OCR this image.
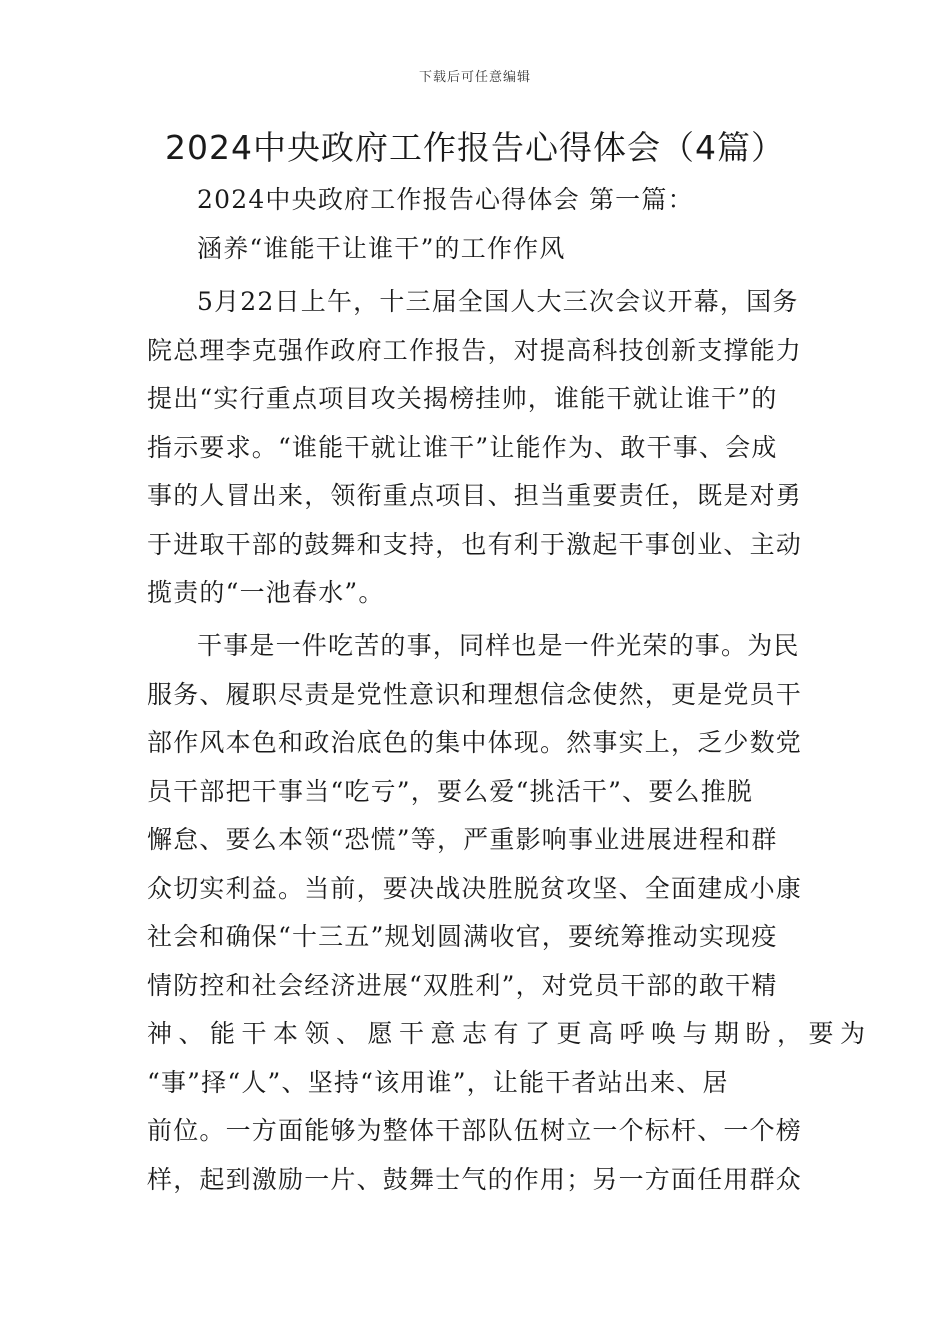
下载后可任意编辑
2024中央政府工作报告心得体会（4篇）
2024中央政府工作报告心得体会 第一篇：
涵养“谁能干让谁干”的工作作风
5月22日上午，十三届全国人大三次会议开幕，国务
院总理李克强作政府工作报告，对提高科技创新支撑能力
提出“实行重点项目攻关揭榜挂帅，谁能干就让谁干”的
指示要求。“谁能干就让谁干”让能作为、敢干事、会成
事的人冒出来，领衔重点项目、担当重要责任，既是对勇
于进取干部的鼓舞和支持，也有利于激起干事创业、主动
揽责的“一池春水”。
干事是一件吃苦的事，同样也是一件光荣的事。为民
服务、履职尽责是党性意识和理想信念使然，更是党员干
部作风本色和政治底色的集中体现。然事实上，乏少数党
员干部把干事当“吃亏”，要么爱“挑活干”、要么推脱
懈怠、要么本领“恐慌”等，严重影响事业进展进程和群
众切实利益。当前，要决战决胜脱贫攻坚、全面建成小康
社会和确保“十三五”规划圆满收官，要统筹推动实现疫
情防控和社会经济进展“双胜利”，对党员干部的敢干精
神、能干本领、愿干意志有了更高呼唤与期盼，要为
“事”择“人”、坚持“该用谁”，让能干者站出来、居
前位。一方面能够为整体干部队伍树立一个标杆、一个榜
样，起到激励一片、鼓舞士气的作用；另一方面任用群众
